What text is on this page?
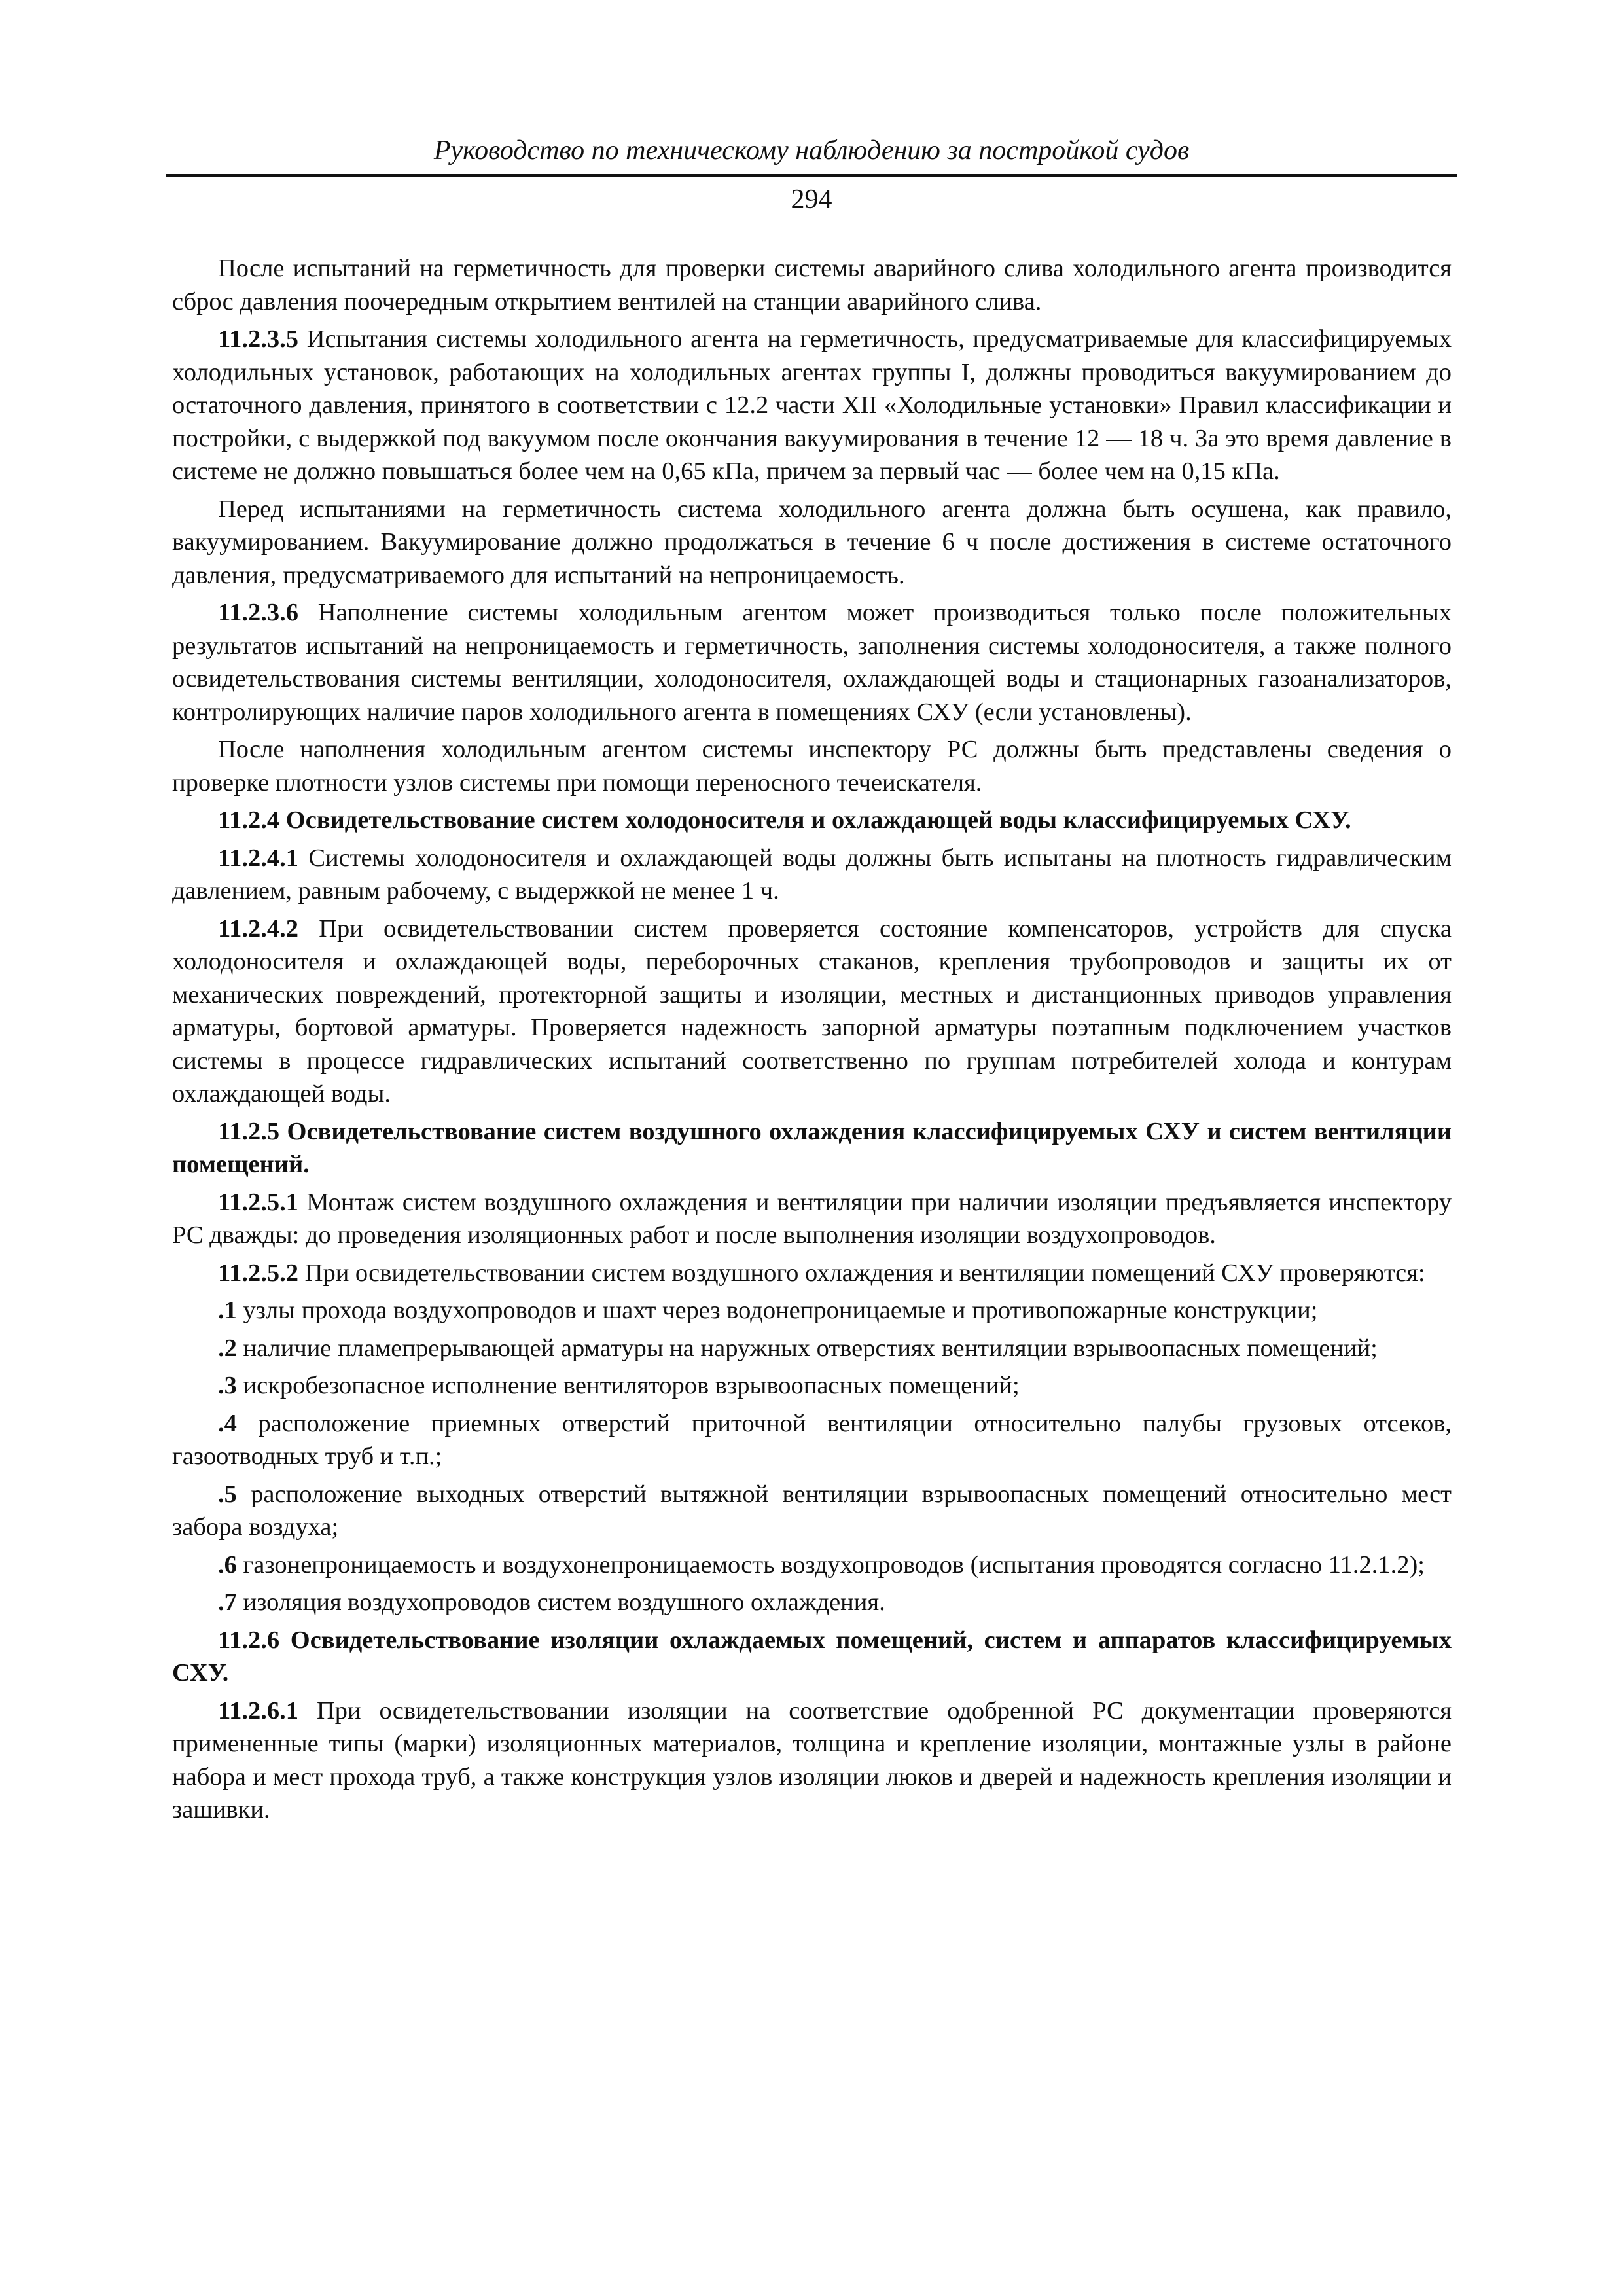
Руководство по техническому наблюдению за постройкой судов
294

После испытаний на герметичность для проверки системы аварийного слива холодильного агента производится сброс давления поочередным открытием вентилей на станции аварийного слива.

11.2.3.5 Испытания системы холодильного агента на герметичность, предусматриваемые для классифицируемых холодильных установок, работающих на холодильных агентах группы I, должны проводиться вакуумированием до остаточного давления, принятого в соответствии с 12.2 части XII «Холодильные установки» Правил классификации и постройки, с выдержкой под вакуумом после окончания вакуумирования в течение 12 — 18 ч. За это время давление в системе не должно повышаться более чем на 0,65 кПа, причем за первый час — более чем на 0,15 кПа.

Перед испытаниями на герметичность система холодильного агента должна быть осушена, как правило, вакуумированием. Вакуумирование должно продолжаться в течение 6 ч после достижения в системе остаточного давления, предусматриваемого для испытаний на непроницаемость.

11.2.3.6 Наполнение системы холодильным агентом может производиться только после положительных результатов испытаний на непроницаемость и герметичность, заполнения системы холодоносителя, а также полного освидетельствования системы вентиляции, холодоносителя, охлаждающей воды и стационарных газоанализаторов, контролирующих наличие паров холодильного агента в помещениях СХУ (если установлены).

После наполнения холодильным агентом системы инспектору РС должны быть представлены сведения о проверке плотности узлов системы при помощи переносного течеискателя.

11.2.4 Освидетельствование систем холодоносителя и охлаждающей воды классифицируемых СХУ.

11.2.4.1 Системы холодоносителя и охлаждающей воды должны быть испытаны на плотность гидравлическим давлением, равным рабочему, с выдержкой не менее 1 ч.

11.2.4.2 При освидетельствовании систем проверяется состояние компенсаторов, устройств для спуска холодоносителя и охлаждающей воды, переборочных стаканов, крепления трубопроводов и защиты их от механических повреждений, протекторной защиты и изоляции, местных и дистанционных приводов управления арматуры, бортовой арматуры. Проверяется надежность запорной арматуры поэтапным подключением участков системы в процессе гидравлических испытаний соответственно по группам потребителей холода и контурам охлаждающей воды.

11.2.5 Освидетельствование систем воздушного охлаждения классифицируемых СХУ и систем вентиляции помещений.

11.2.5.1 Монтаж систем воздушного охлаждения и вентиляции при наличии изоляции предъявляется инспектору РС дважды: до проведения изоляционных работ и после выполнения изоляции воздухопроводов.

11.2.5.2 При освидетельствовании систем воздушного охлаждения и вентиляции помещений СХУ проверяются:

.1 узлы прохода воздухопроводов и шахт через водонепроницаемые и противопожарные конструкции;

.2 наличие пламепрерывающей арматуры на наружных отверстиях вентиляции взрывоопасных помещений;

.3 искробезопасное исполнение вентиляторов взрывоопасных помещений;

.4 расположение приемных отверстий приточной вентиляции относительно палубы грузовых отсеков, газоотводных труб и т.п.;

.5 расположение выходных отверстий вытяжной вентиляции взрывоопасных помещений относительно мест забора воздуха;

.6 газонепроницаемость и воздухонепроницаемость воздухопроводов (испытания проводятся согласно 11.2.1.2);

.7 изоляция воздухопроводов систем воздушного охлаждения.

11.2.6 Освидетельствование изоляции охлаждаемых помещений, систем и аппаратов классифицируемых СХУ.

11.2.6.1 При освидетельствовании изоляции на соответствие одобренной РС документации проверяются примененные типы (марки) изоляционных материалов, толщина и крепление изоляции, монтажные узлы в районе набора и мест прохода труб, а также конструкция узлов изоляции люков и дверей и надежность крепления изоляции и зашивки.
